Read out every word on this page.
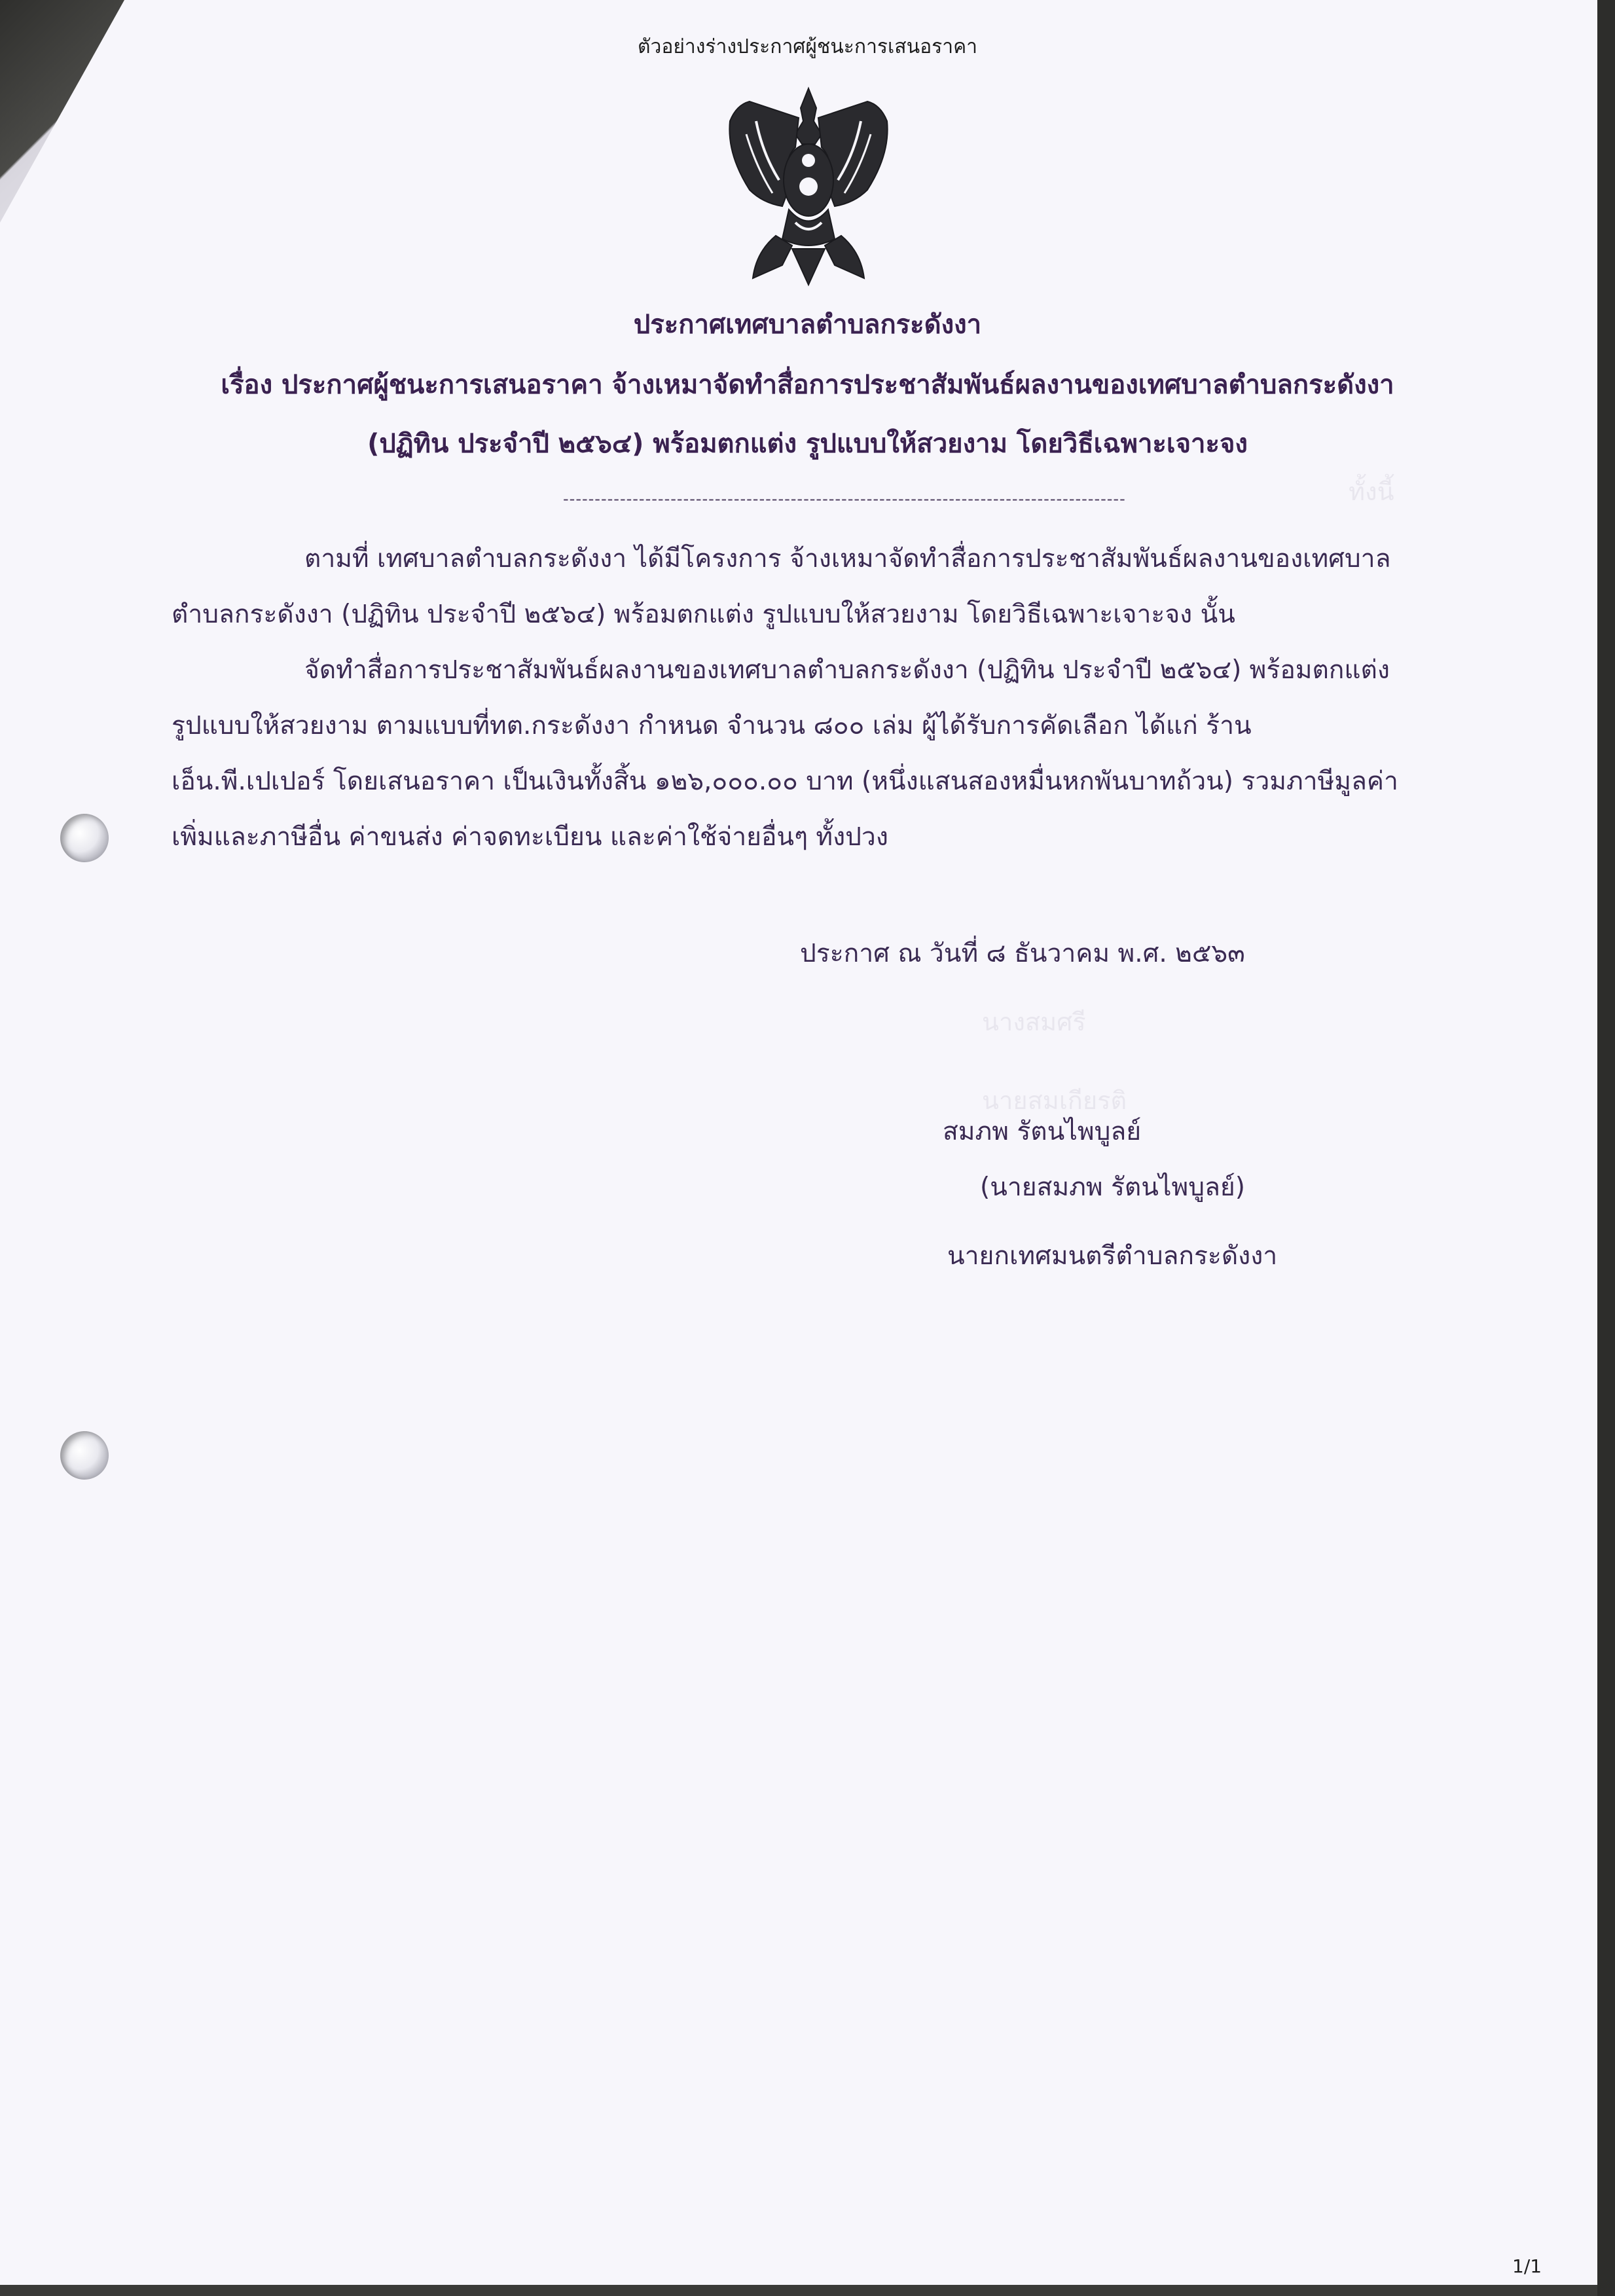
ทั้งนี้
นางสมศรี
นายสมเกียรติ
ตัวอย่างร่างประกาศผู้ชนะการเสนอราคา
ประกาศเทศบาลตำบลกระดังงา
เรื่อง ประกาศผู้ชนะการเสนอราคา จ้างเหมาจัดทำสื่อการประชาสัมพันธ์ผลงานของเทศบาลตำบลกระดังงา
(ปฏิทิน ประจำปี ๒๕๖๔) พร้อมตกแต่ง รูปแบบให้สวยงาม โดยวิธีเฉพาะเจาะจง
-----------------------------------------------------------------------------------------
ตามที่ เทศบาลตำบลกระดังงา ได้มีโครงการ จ้างเหมาจัดทำสื่อการประชาสัมพันธ์ผลงานของเทศบาล
ตำบลกระดังงา (ปฏิทิน ประจำปี ๒๕๖๔) พร้อมตกแต่ง รูปแบบให้สวยงาม โดยวิธีเฉพาะเจาะจง นั้น
จัดทำสื่อการประชาสัมพันธ์ผลงานของเทศบาลตำบลกระดังงา (ปฏิทิน ประจำปี ๒๕๖๔) พร้อมตกแต่ง
รูปแบบให้สวยงาม ตามแบบที่ทต.กระดังงา กำหนด จำนวน ๘๐๐ เล่ม ผู้ได้รับการคัดเลือก ได้แก่ ร้าน
เอ็น.พี.เปเปอร์ โดยเสนอราคา เป็นเงินทั้งสิ้น ๑๒๖,๐๐๐.๐๐ บาท (หนึ่งแสนสองหมื่นหกพันบาทถ้วน) รวมภาษีมูลค่า
เพิ่มและภาษีอื่น ค่าขนส่ง ค่าจดทะเบียน และค่าใช้จ่ายอื่นๆ ทั้งปวง
ประกาศ ณ วันที่ ๘ ธันวาคม พ.ศ. ๒๕๖๓
สมภพ รัตนไพบูลย์
(นายสมภพ รัตนไพบูลย์)
นายกเทศมนตรีตำบลกระดังงา
1/1
